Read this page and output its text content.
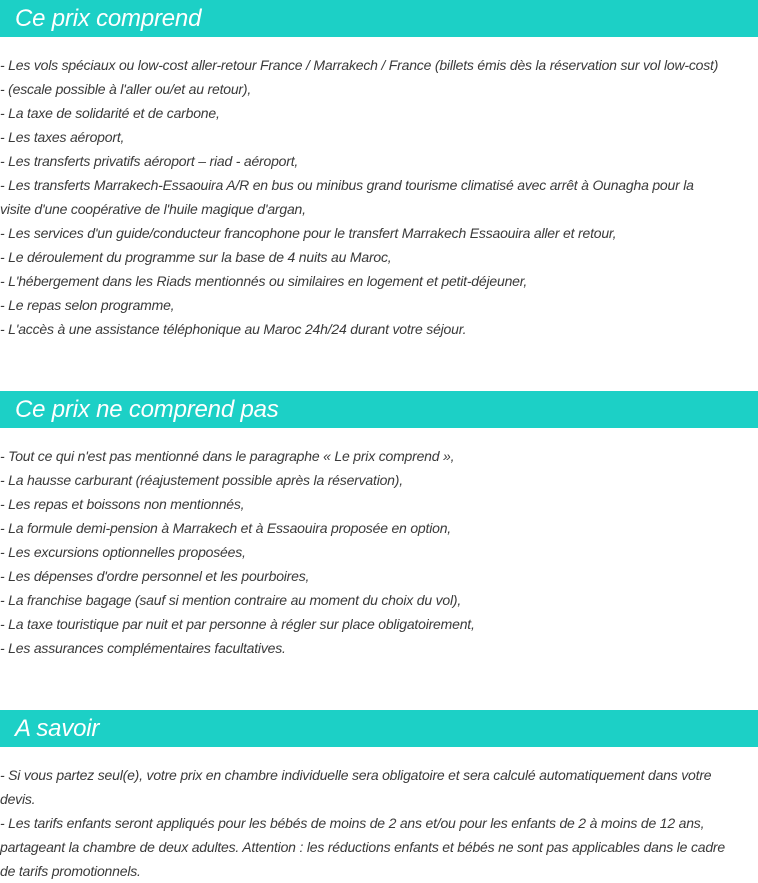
Ce prix comprend
- Les vols spéciaux ou low-cost aller-retour France / Marrakech / France (billets émis dès la réservation sur vol low-cost)
- (escale possible à l'aller ou/et au retour),
- La taxe de solidarité et de carbone,
- Les taxes aéroport,
- Les transferts privatifs aéroport – riad - aéroport,
- Les transferts Marrakech-Essaouira A/R en bus ou minibus grand tourisme climatisé avec arrêt à Ounagha pour la
visite d'une coopérative de l'huile magique d'argan,
- Les services d'un guide/conducteur francophone pour le transfert Marrakech Essaouira aller et retour,
- Le déroulement du programme sur la base de 4 nuits au Maroc,
- L'hébergement dans les Riads mentionnés ou similaires en logement et petit-déjeuner,
- Le repas selon programme,
- L'accès à une assistance téléphonique au Maroc 24h/24 durant votre séjour.
Ce prix ne comprend pas
- Tout ce qui n'est pas mentionné dans le paragraphe « Le prix comprend »,
- La hausse carburant (réajustement possible après la réservation),
- Les repas et boissons non mentionnés,
- La formule demi-pension à Marrakech et à Essaouira proposée en option,
- Les excursions optionnelles proposées,
- Les dépenses d'ordre personnel et les pourboires,
- La franchise bagage (sauf si mention contraire au moment du choix du vol),
- La taxe touristique par nuit et par personne à régler sur place obligatoirement,
- Les assurances complémentaires facultatives.
A savoir
- Si vous partez seul(e), votre prix en chambre individuelle sera obligatoire et sera calculé automatiquement dans votre
devis.
- Les tarifs enfants seront appliqués pour les bébés de moins de 2 ans et/ou pour les enfants de 2 à moins de 12 ans,
partageant la chambre de deux adultes. Attention : les réductions enfants et bébés ne sont pas applicables dans le cadre
de tarifs promotionnels.
